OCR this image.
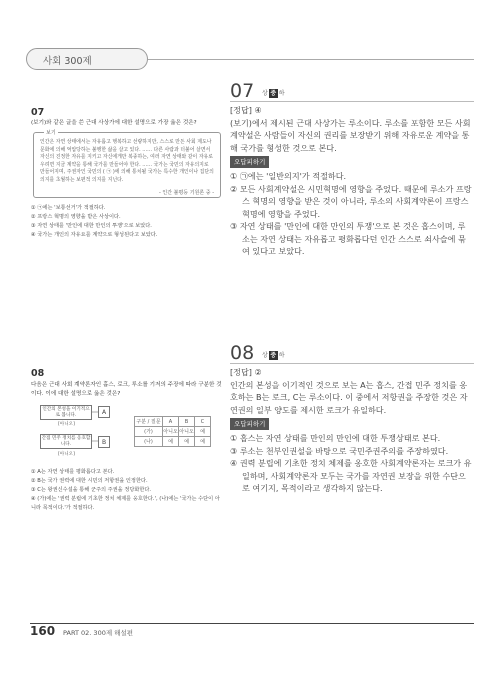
사회 300제
07
(보기)와 같은 글을 쓴 근대 사상가에 대한 설명으로 가장 옳은 것은?
보기
인간은 자연 상태에서는 자유롭고 행복하고 선량하지만, 스스로 만든 사회 제도나 문화에 의해 억압당하는 불행한 삶을 살고 있다. …… 다른 사람과 더불어 살면서 자신의 진정한 자유를 지키고 자신에게만 복종하는, 여러 자연 상태와 같이 자유로우려면 지금 계약을 통해 국가를 만들어야 한다. …… 국가는 국민의 자유의지로 만들어지며, 주권자인 국민의 ( ㉠ )에 의해 통치될 국가는 특수한 개인이나 집단의 의지를 초월하는 보편적 의지를 지닌다.
- 인간 불평등 기원론 중 -
① ㉠에는 '보통선거'가 적절하다.
② 프랑스 혁명의 영향을 받은 사상이다.
③ 자연 상태를 '만인에 대한 만인의 투쟁'으로 보았다.
④ 국가는 개인의 자유요를 계약으로 형성된다고 보았다.
08
다음은 근대 사회 계약론자인 홉스, 로크, 루소를 기저의 주장에 따라 구분한 것이다. 이에 대한 설명으로 옳은 것은?
인간의 본성을 이기적으로 봅니다.
[아니오]
A
간접 민주 정치를 옹호합니다.
[아니오]
B
구분 / 질문	A	B	C
(가)	아니오	아니오	예
(나)	예	예	예
① A는 자연 상태를 평화롭다고 본다.
② B는 국가 권력에 대한 시민의 저항권을 인정한다.
③ C는 왕권신수설을 통해 군주의 주권을 정당화한다.
④ (가)에는 '권력 분립에 기초한 정치 체제를 옹호한다.', (나)에는 '국가는 수단이 아니라 목적이다.'가 적절하다.
07 상 중 하
[정답] ④
(보기)에서 제시된 근대 사상가는 루소이다. 루소를 포함한 모든 사회계약설은 사람들이 자신의 권리를 보장받기 위해 자유로운 계약을 통해 국가를 형성한 것으로 본다.
오답피하기
① ㉠에는 '일반의지'가 적절하다.
② 모든 사회계약설은 시민혁명에 영향을 주었다. 때문에 루소가 프랑스 혁명의 영향을 받은 것이 아니라, 루소의 사회계약론이 프랑스 혁명에 영향을 주었다.
③ 자연 상태를 '만인에 대한 만인의 투쟁'으로 본 것은 홉스이며, 루소는 자연 상태는 자유롭고 평화롭다던 인간 스스로 쇠사슬에 묶여 있다고 보았다.
08 상 중 하
[정답] ②
인간의 본성을 이기적인 것으로 보는 A는 홉스, 간접 민주 정치를 옹호하는 B는 로크, C는 루소이다. 이 중에서 저항권을 주장한 것은 자연권의 일부 양도를 제시한 로크가 유일하다.
오답피하기
① 홉스는 자연 상태를 만인의 만인에 대한 투쟁상태로 본다.
③ 루소는 천부인권설을 바탕으로 국민주권주의를 주장하였다.
④ 권력 분립에 기초한 정치 체제를 옹호한 사회계약론자는 로크가 유일하며, 사회계약론자 모두는 국가를 자연권 보장을 위한 수단으로 여기지, 목적이라고 생각하지 않는다.
160 PART 02. 300제 해설편
